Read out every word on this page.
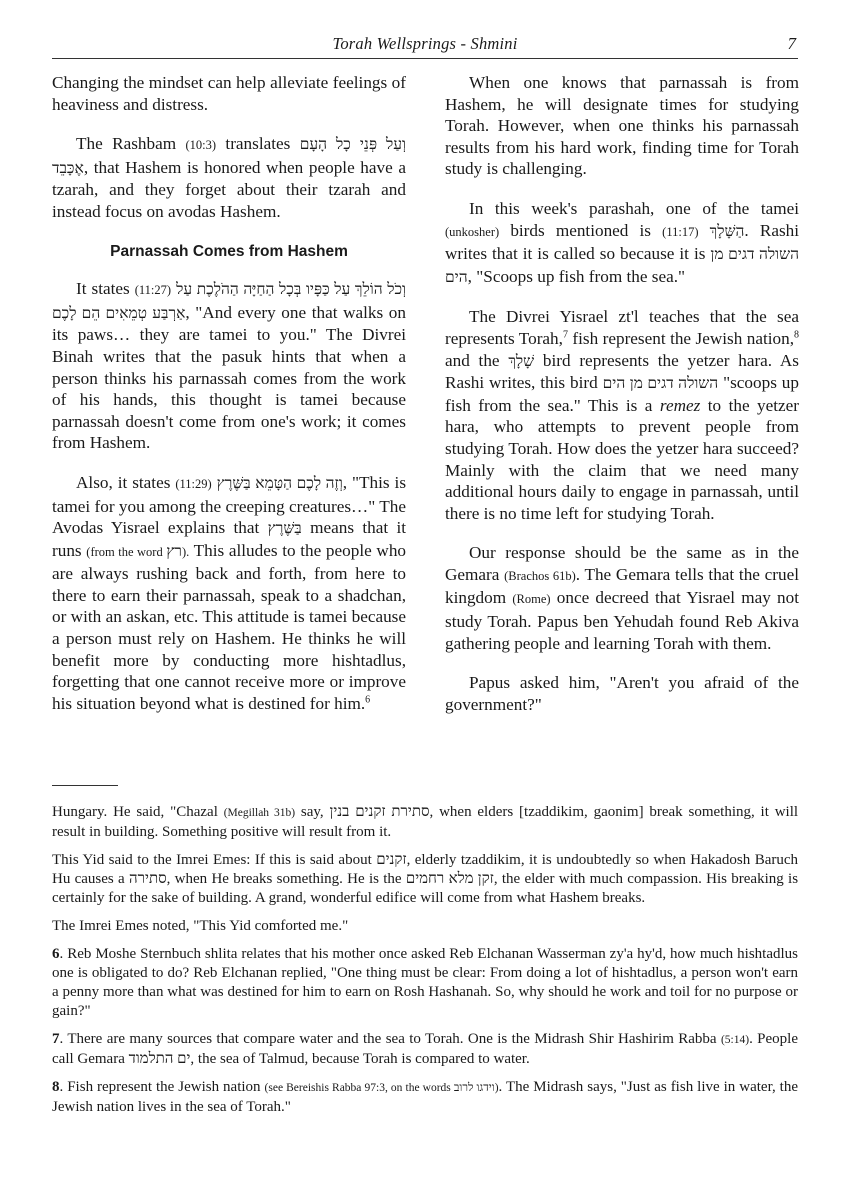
Torah Wellsprings - Shmini	7

Changing the mindset can help alleviate feelings of heaviness and distress.

The Rashbam (10:3) translates וְעַל פְּנֵי כָל הָעָם אֶכָּבֵד, that Hashem is honored when people have a tzarah, and they forget about their tzarah and instead focus on avodas Hashem.

Parnassah Comes from Hashem

It states (11:27) וְכֹל הוֹלֵךְ עַל כַּפָּיו בְּכָל הַחַיָּה הַהֹלֶכֶת עַל אַרְבַּע טְמֵאִים הֵם לָכֶם, "And every one that walks on its paws… they are tamei to you." The Divrei Binah writes that the pasuk hints that when a person thinks his parnassah comes from the work of his hands, this thought is tamei because parnassah doesn't come from one's work; it comes from Hashem.

Also, it states (11:29) וְזֶה לָכֶם הַטָּמֵא בַּשֶּׁרֶץ, "This is tamei for you among the creeping creatures…" The Avodas Yisrael explains that בַּשֶּׁרֶץ means that it runs (from the word רץ). This alludes to the people who are always rushing back and forth, from here to there to earn their parnassah, speak to a shadchan, or with an askan, etc. This attitude is tamei because a person must rely on Hashem. He thinks he will benefit more by conducting more hishtadlus, forgetting that one cannot receive more or improve his situation beyond what is destined for him.$^6$

When one knows that parnassah is from Hashem, he will designate times for studying Torah. However, when one thinks his parnassah results from his hard work, finding time for Torah study is challenging.

In this week's parashah, one of the tamei (unkosher) birds mentioned is (11:17) הַשָּׁלָךְ. Rashi writes that it is called so because it is השולה דגים מן הים, "Scoops up fish from the sea."

The Divrei Yisrael zt'l teaches that the sea represents Torah,$^7$ fish represent the Jewish nation,$^8$ and the שָׁלָךְ bird represents the yetzer hara. As Rashi writes, this bird השולה דגים מן הים "scoops up fish from the sea." This is a remez to the yetzer hara, who attempts to prevent people from studying Torah. How does the yetzer hara succeed? Mainly with the claim that we need many additional hours daily to engage in parnassah, until there is no time left for studying Torah.

Our response should be the same as in the Gemara (Brachos 61b). The Gemara tells that the cruel kingdom (Rome) once decreed that Yisrael may not study Torah. Papus ben Yehudah found Reb Akiva gathering people and learning Torah with them.

Papus asked him, "Aren't you afraid of the government?"

Hungary. He said, "Chazal (Megillah 31b) say, סתירת זקנים בנין, when elders [tzaddikim, gaonim] break something, it will result in building. Something positive will result from it.

This Yid said to the Imrei Emes: If this is said about זקנים, elderly tzaddikim, it is undoubtedly so when Hakadosh Baruch Hu causes a סתירה, when He breaks something. He is the זקן מלא רחמים, the elder with much compassion. His breaking is certainly for the sake of building. A grand, wonderful edifice will come from what Hashem breaks.

The Imrei Emes noted, "This Yid comforted me."

6. Reb Moshe Sternbuch shlita relates that his mother once asked Reb Elchanan Wasserman zy'a hy'd, how much hishtadlus one is obligated to do? Reb Elchanan replied, "One thing must be clear: From doing a lot of hishtadlus, a person won't earn a penny more than what was destined for him to earn on Rosh Hashanah. So, why should he work and toil for no purpose or gain?"

7. There are many sources that compare water and the sea to Torah. One is the Midrash Shir Hashirim Rabba (5:14). People call Gemara ים התלמוד, the sea of Talmud, because Torah is compared to water.

8. Fish represent the Jewish nation (see Bereishis Rabba 97:3, on the words וידגו לרוב). The Midrash says, "Just as fish live in water, the Jewish nation lives in the sea of Torah."
